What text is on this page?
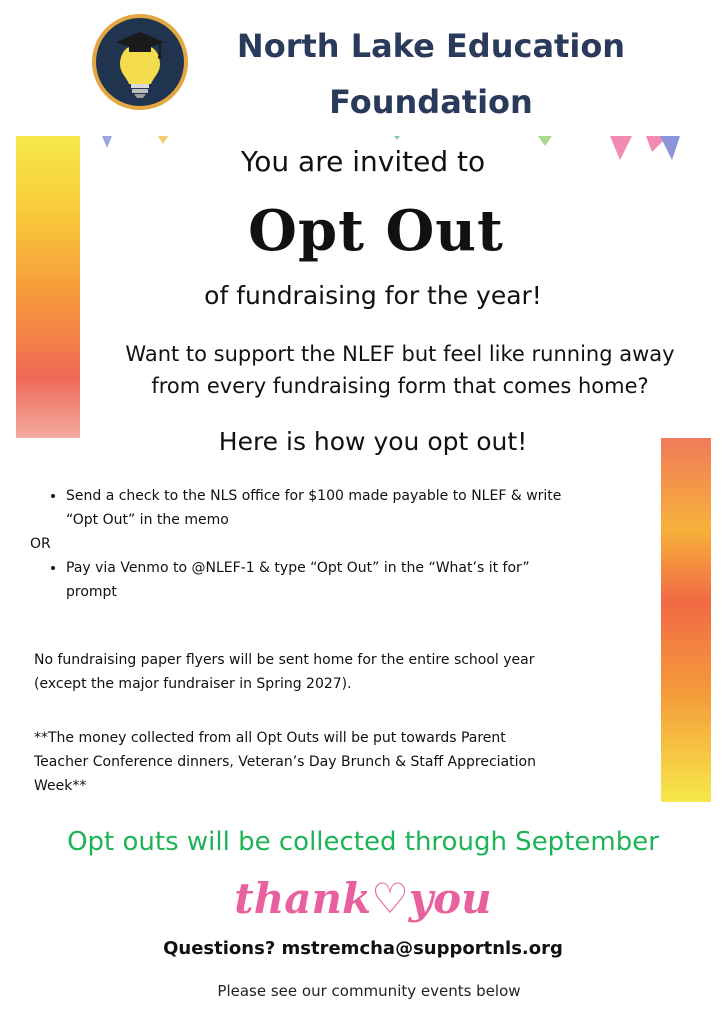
North Lake Education
Foundation

You are invited to

Opt Out

of fundraising for the year!

Want to support the NLEF but feel like running away
from every fundraising form that comes home?

Here is how you opt out!

• Send a check to the NLS office for $100 made payable to NLEF & write
“Opt Out” in the memo

OR

• Pay via Venmo to @NLEF-1 & type “Opt Out” in the “What’s it for”
prompt

No fundraising paper flyers will be sent home for the entire school year
(except the major fundraiser in Spring 2027).

**The money collected from all Opt Outs will be put towards Parent
Teacher Conference dinners, Veteran’s Day Brunch & Staff Appreciation
Week**

Opt outs will be collected through September

thank♡you

Questions? mstremcha@supportnls.org

Please see our community events below
